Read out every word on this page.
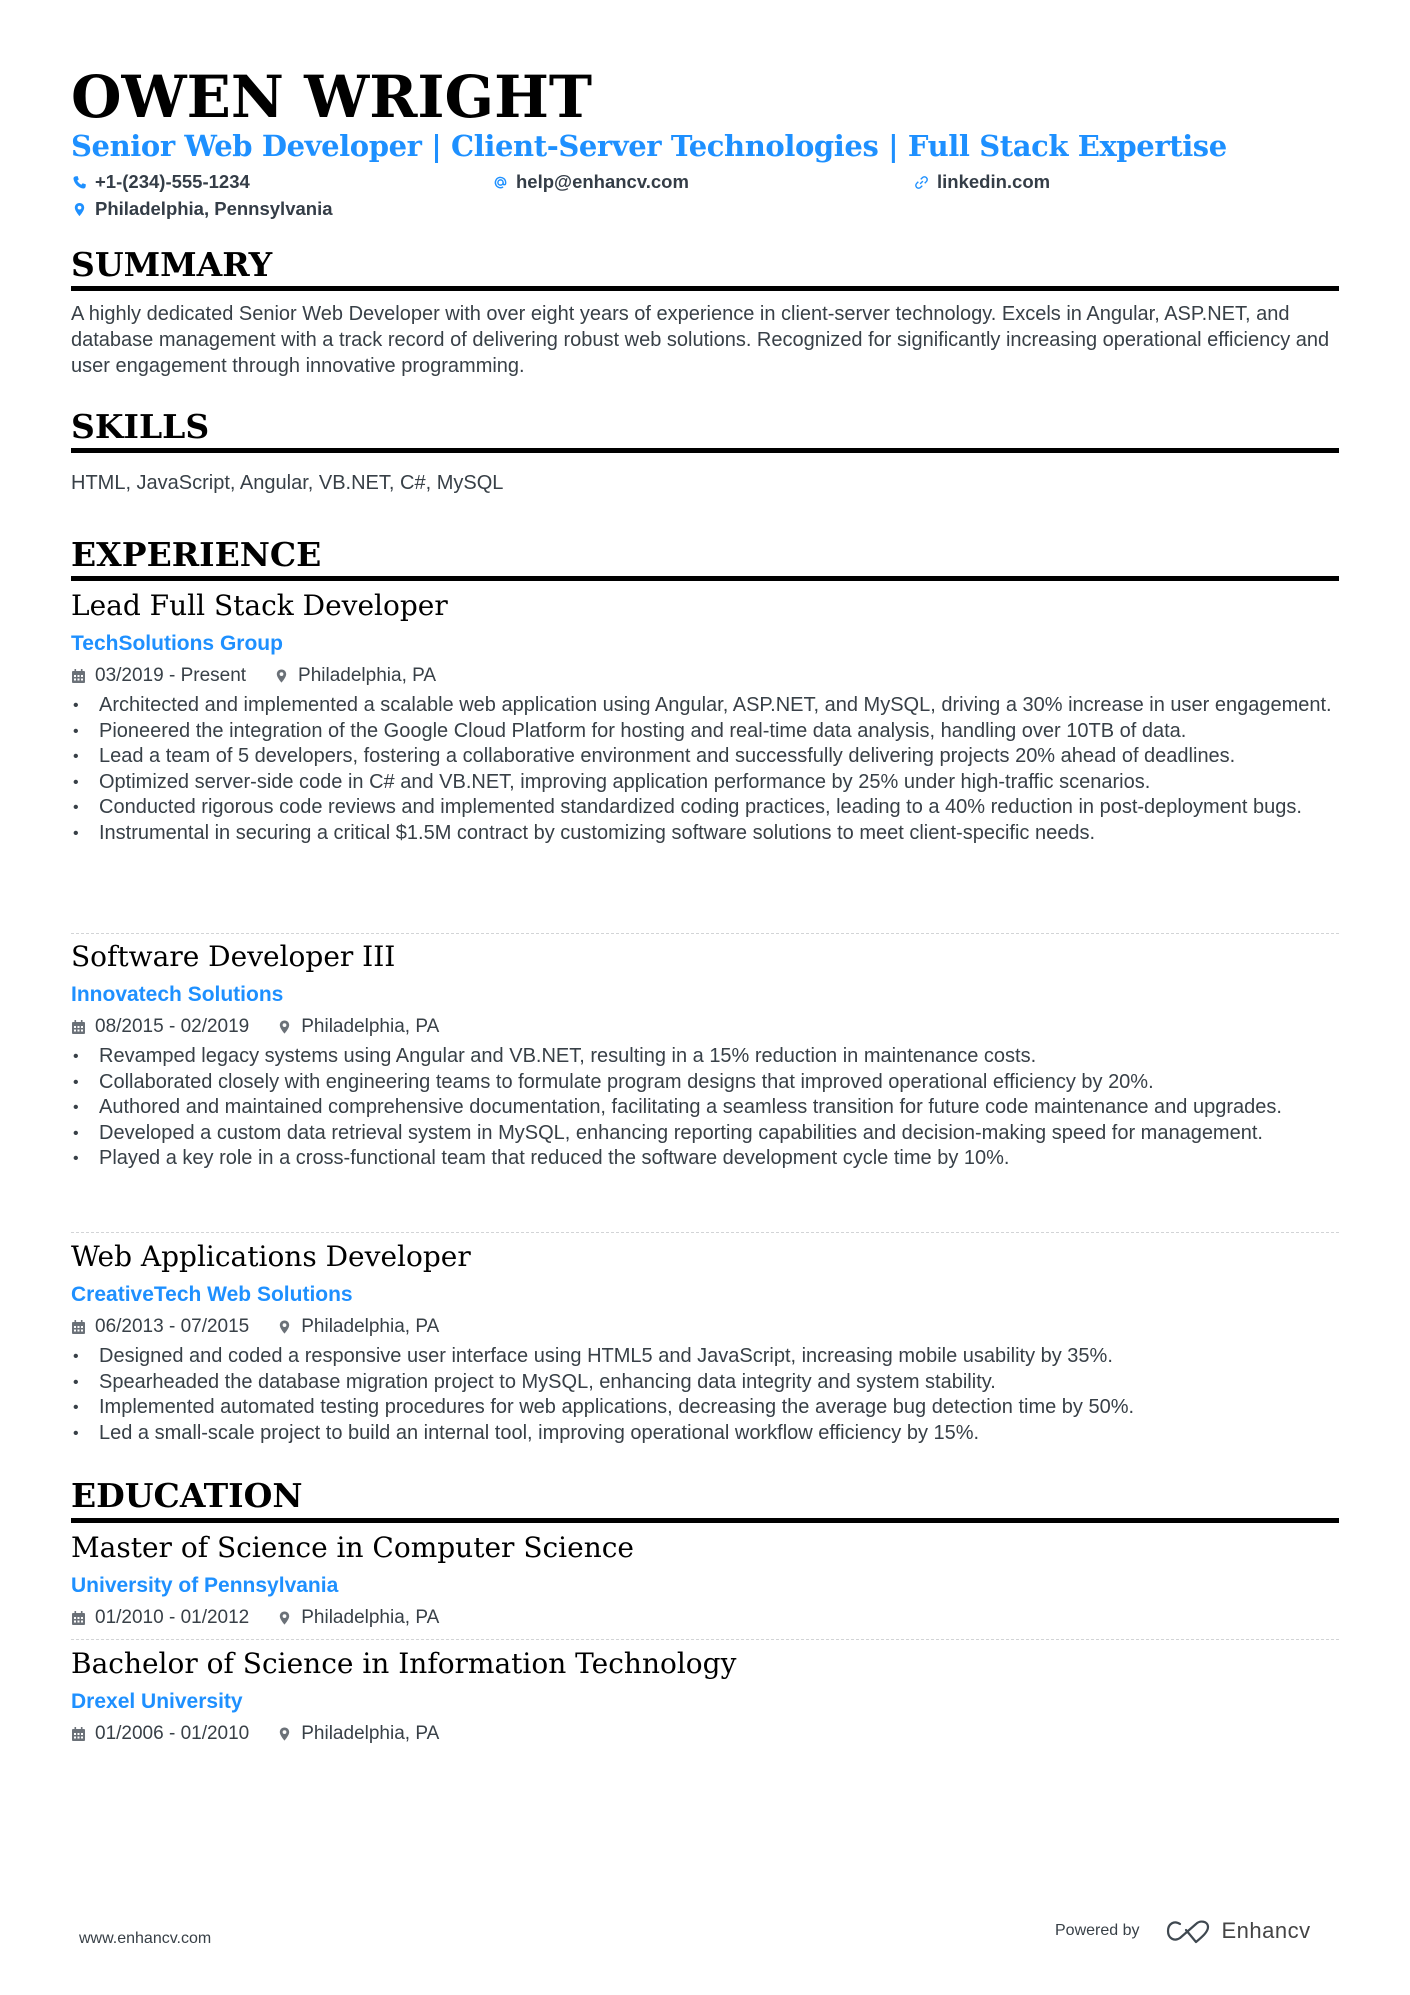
OWEN WRIGHT
Senior Web Developer | Client-Server Technologies | Full Stack Expertise
+1-(234)-555-1234	help@enhancv.com	linkedin.com
Philadelphia, Pennsylvania
SUMMARY
A highly dedicated Senior Web Developer with over eight years of experience in client-server technology. Excels in Angular, ASP.NET, and database management with a track record of delivering robust web solutions. Recognized for significantly increasing operational efficiency and user engagement through innovative programming.
SKILLS
HTML, JavaScript, Angular, VB.NET, C#, MySQL
EXPERIENCE
Lead Full Stack Developer
TechSolutions Group
03/2019 - Present	Philadelphia, PA
• Architected and implemented a scalable web application using Angular, ASP.NET, and MySQL, driving a 30% increase in user engagement.
• Pioneered the integration of the Google Cloud Platform for hosting and real-time data analysis, handling over 10TB of data.
• Lead a team of 5 developers, fostering a collaborative environment and successfully delivering projects 20% ahead of deadlines.
• Optimized server-side code in C# and VB.NET, improving application performance by 25% under high-traffic scenarios.
• Conducted rigorous code reviews and implemented standardized coding practices, leading to a 40% reduction in post-deployment bugs.
• Instrumental in securing a critical $1.5M contract by customizing software solutions to meet client-specific needs.
Software Developer III
Innovatech Solutions
08/2015 - 02/2019	Philadelphia, PA
• Revamped legacy systems using Angular and VB.NET, resulting in a 15% reduction in maintenance costs.
• Collaborated closely with engineering teams to formulate program designs that improved operational efficiency by 20%.
• Authored and maintained comprehensive documentation, facilitating a seamless transition for future code maintenance and upgrades.
• Developed a custom data retrieval system in MySQL, enhancing reporting capabilities and decision-making speed for management.
• Played a key role in a cross-functional team that reduced the software development cycle time by 10%.
Web Applications Developer
CreativeTech Web Solutions
06/2013 - 07/2015	Philadelphia, PA
• Designed and coded a responsive user interface using HTML5 and JavaScript, increasing mobile usability by 35%.
• Spearheaded the database migration project to MySQL, enhancing data integrity and system stability.
• Implemented automated testing procedures for web applications, decreasing the average bug detection time by 50%.
• Led a small-scale project to build an internal tool, improving operational workflow efficiency by 15%.
EDUCATION
Master of Science in Computer Science
University of Pennsylvania
01/2010 - 01/2012	Philadelphia, PA
Bachelor of Science in Information Technology
Drexel University
01/2006 - 01/2010	Philadelphia, PA
www.enhancv.com	Powered by	Enhancv
